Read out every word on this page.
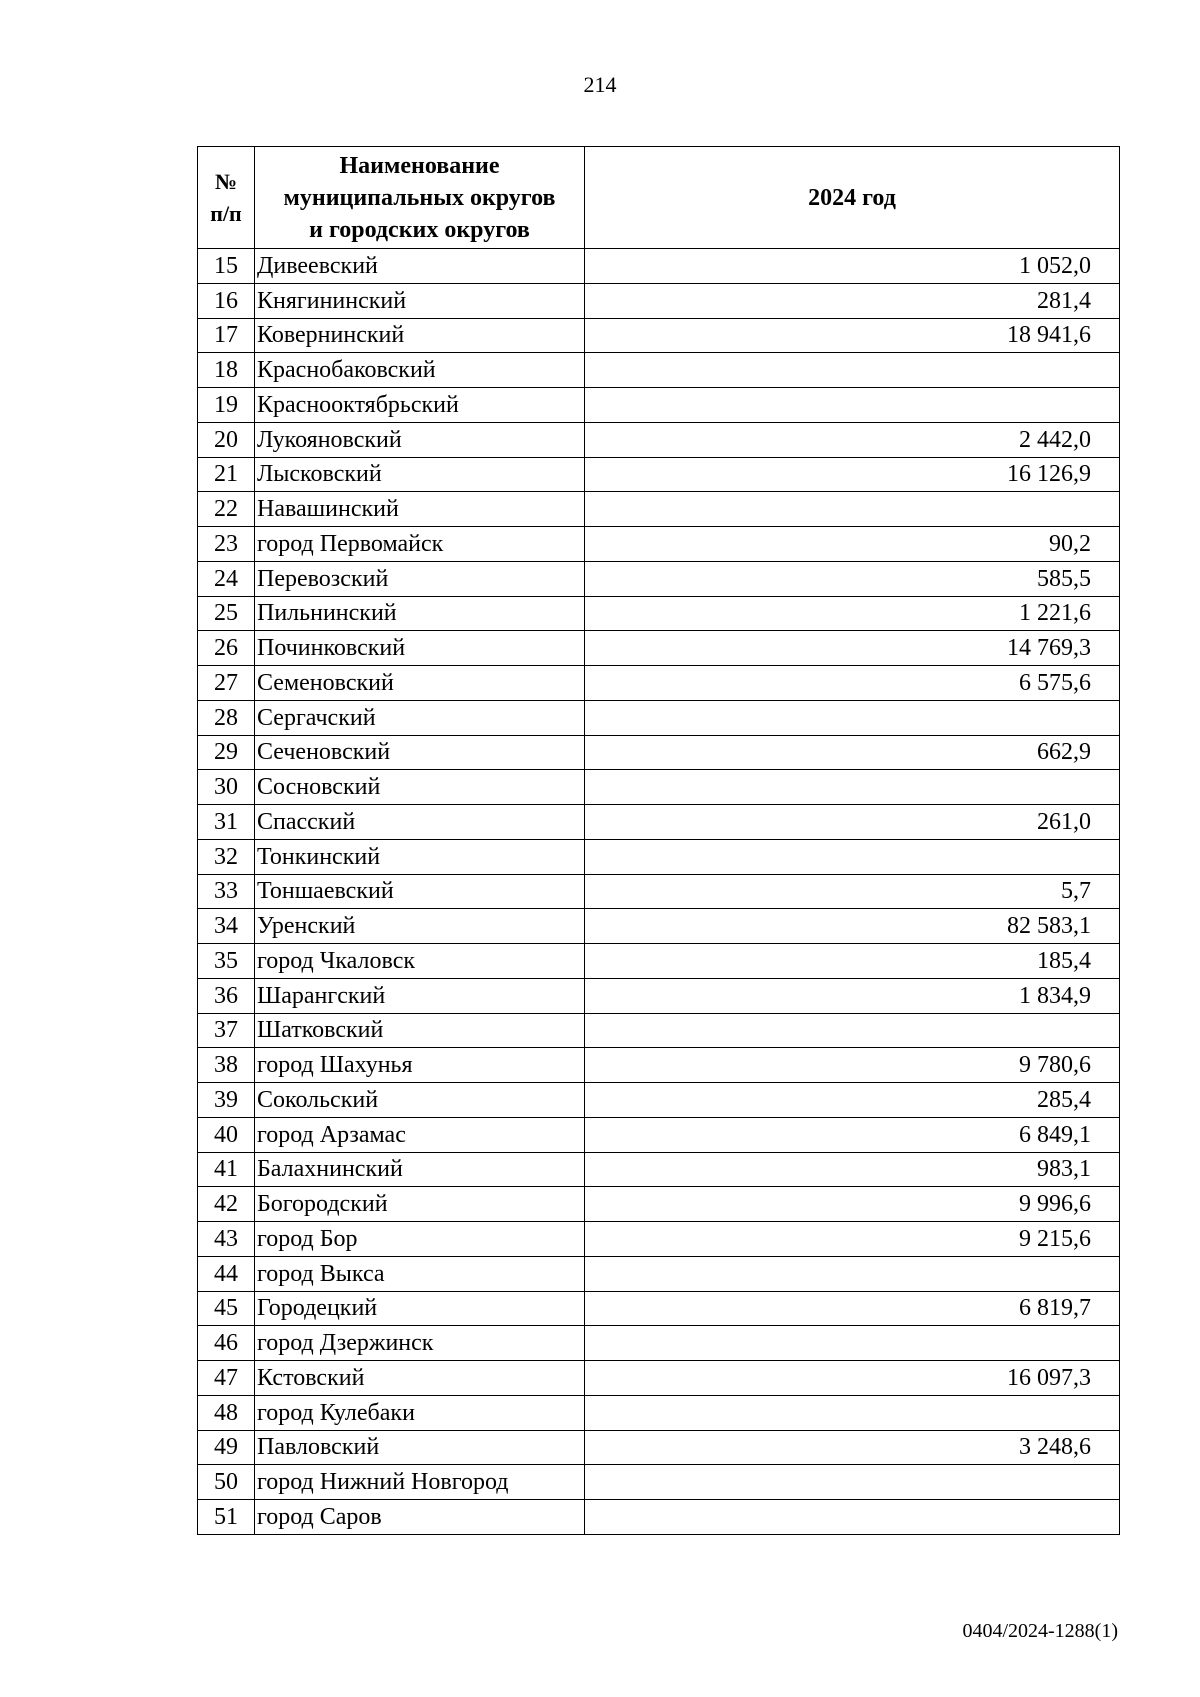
214
№
п/п	Наименование
муниципальных округов
и городских округов	2024 год
15	Дивеевский	1 052,0
16	Княгининский	281,4
17	Ковернинский	18 941,6
18	Краснобаковский	
19	Краснооктябрьский	
20	Лукояновский	2 442,0
21	Лысковский	16 126,9
22	Навашинский	
23	город Первомайск	90,2
24	Перевозский	585,5
25	Пильнинский	1 221,6
26	Починковский	14 769,3
27	Семеновский	6 575,6
28	Сергачский	
29	Сеченовский	662,9
30	Сосновский	
31	Спасский	261,0
32	Тонкинский	
33	Тоншаевский	5,7
34	Уренский	82 583,1
35	город Чкаловск	185,4
36	Шарангский	1 834,9
37	Шатковский	
38	город Шахунья	9 780,6
39	Сокольский	285,4
40	город Арзамас	6 849,1
41	Балахнинский	983,1
42	Богородский	9 996,6
43	город Бор	9 215,6
44	город Выкса	
45	Городецкий	6 819,7
46	город Дзержинск	
47	Кстовский	16 097,3
48	город Кулебаки	
49	Павловский	3 248,6
50	город Нижний Новгород	
51	город Саров	
0404/2024-1288(1)
